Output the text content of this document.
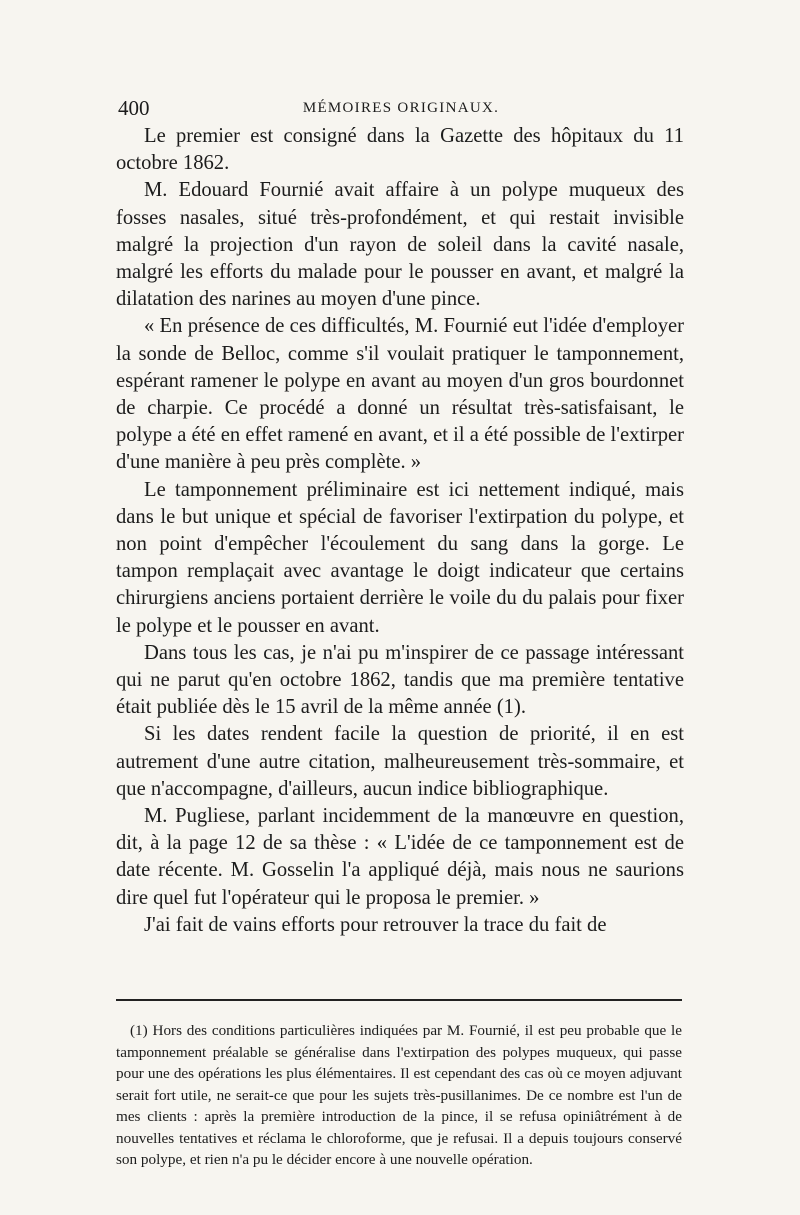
400	MÉMOIRES ORIGINAUX.

Le premier est consigné dans la Gazette des hôpitaux du 11 octobre 1862.

M. Edouard Fournié avait affaire à un polype muqueux des fosses nasales, situé très-profondément, et qui restait invisible malgré la projection d'un rayon de soleil dans la cavité nasale, malgré les efforts du malade pour le pousser en avant, et malgré la dilatation des narines au moyen d'une pince.

« En présence de ces difficultés, M. Fournié eut l'idée d'employer la sonde de Belloc, comme s'il voulait pratiquer le tamponnement, espérant ramener le polype en avant au moyen d'un gros bourdonnet de charpie. Ce procédé a donné un résultat très-satisfaisant, le polype a été en effet ramené en avant, et il a été possible de l'extirper d'une manière à peu près complète. »

Le tamponnement préliminaire est ici nettement indiqué, mais dans le but unique et spécial de favoriser l'extirpation du polype, et non point d'empêcher l'écoulement du sang dans la gorge. Le tampon remplaçait avec avantage le doigt indicateur que certains chirurgiens anciens portaient derrière le voile du du palais pour fixer le polype et le pousser en avant.

Dans tous les cas, je n'ai pu m'inspirer de ce passage intéressant qui ne parut qu'en octobre 1862, tandis que ma première tentative était publiée dès le 15 avril de la même année (1).

Si les dates rendent facile la question de priorité, il en est autrement d'une autre citation, malheureusement très-sommaire, et que n'accompagne, d'ailleurs, aucun indice bibliographique.

M. Pugliese, parlant incidemment de la manœuvre en question, dit, à la page 12 de sa thèse : « L'idée de ce tamponnement est de date récente. M. Gosselin l'a appliqué déjà, mais nous ne saurions dire quel fut l'opérateur qui le proposa le premier. »

J'ai fait de vains efforts pour retrouver la trace du fait de

(1) Hors des conditions particulières indiquées par M. Fournié, il est peu probable que le tamponnement préalable se généralise dans l'extirpation des polypes muqueux, qui passe pour une des opérations les plus élémentaires. Il est cependant des cas où ce moyen adjuvant serait fort utile, ne serait-ce que pour les sujets très-pusillanimes. De ce nombre est l'un de mes clients : après la première introduction de la pince, il se refusa opiniâtrément à de nouvelles tentatives et réclama le chloroforme, que je refusai. Il a depuis toujours conservé son polype, et rien n'a pu le décider encore à une nouvelle opération.
